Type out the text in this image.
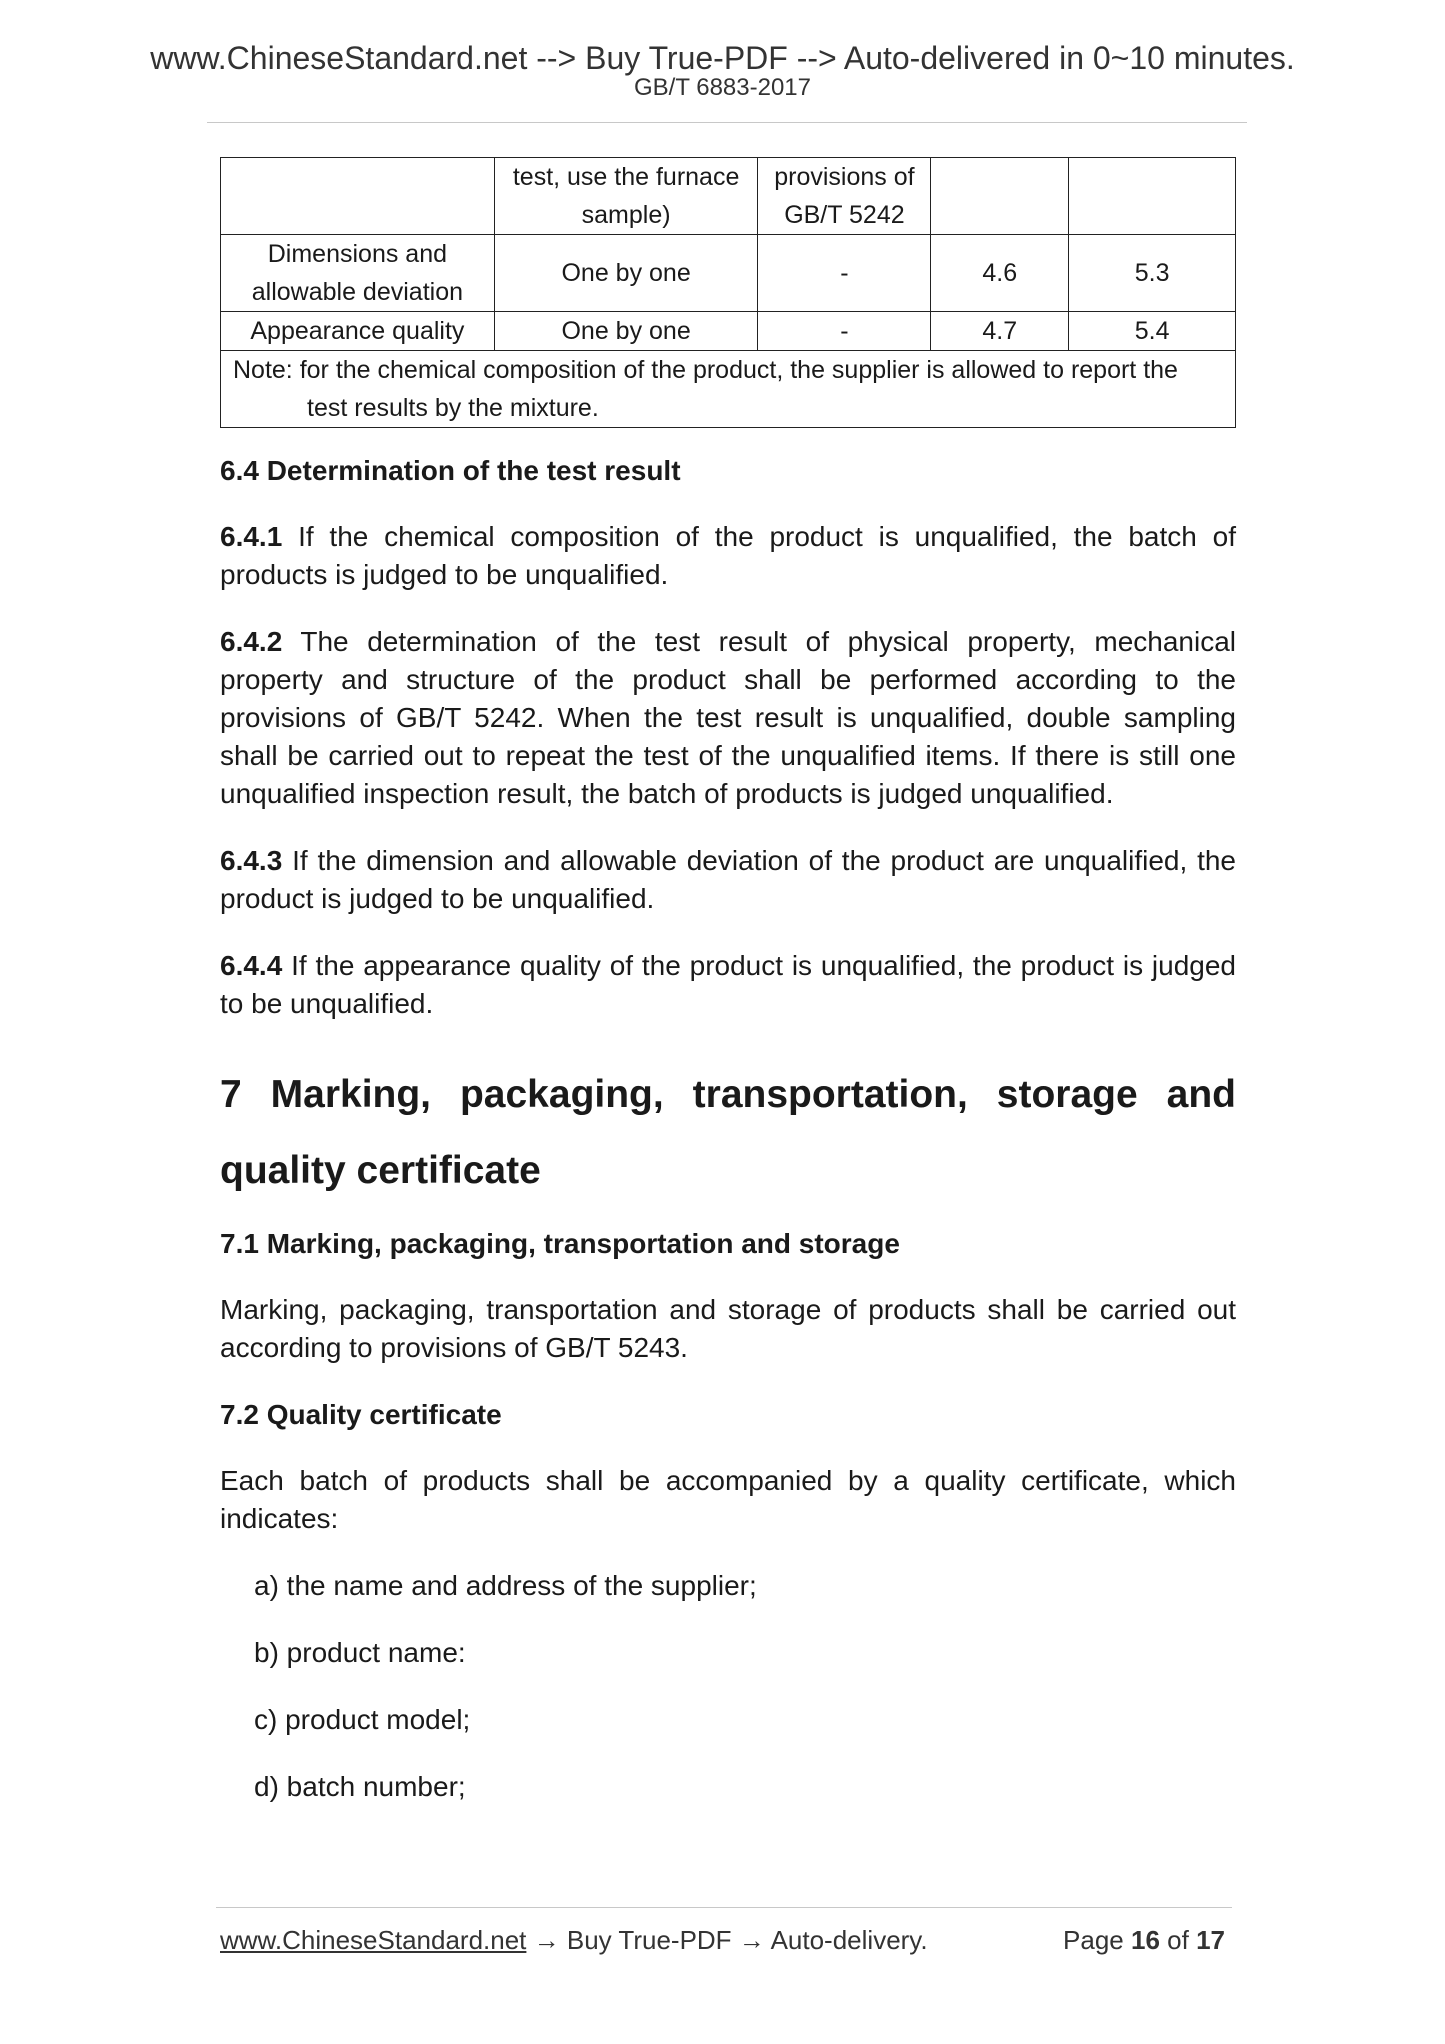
www.ChineseStandard.net --> Buy True-PDF --> Auto-delivered in 0~10 minutes.
GB/T 6883-2017
	test, use the furnace sample)	provisions of GB/T 5242		
Dimensions and allowable deviation	One by one	-	4.6	5.3
Appearance quality	One by one	-	4.7	5.4
Note: for the chemical composition of the product, the supplier is allowed to report the
test results by the mixture.				
6.4 Determination of the test result
6.4.1 If the chemical composition of the product is unqualified, the batch of products is judged to be unqualified.
6.4.2 The determination of the test result of physical property, mechanical property and structure of the product shall be performed according to the provisions of GB/T 5242. When the test result is unqualified, double sampling shall be carried out to repeat the test of the unqualified items. If there is still one unqualified inspection result, the batch of products is judged unqualified.
6.4.3 If the dimension and allowable deviation of the product are unqualified, the product is judged to be unqualified.
6.4.4 If the appearance quality of the product is unqualified, the product is judged to be unqualified.
7 Marking, packaging, transportation, storage and quality certificate
7.1 Marking, packaging, transportation and storage
Marking, packaging, transportation and storage of products shall be carried out according to provisions of GB/T 5243.
7.2 Quality certificate
Each batch of products shall be accompanied by a quality certificate, which indicates:
a) the name and address of the supplier;
b) product name:
c) product model;
d) batch number;
www.ChineseStandard.net → Buy True-PDF → Auto-delivery.	Page 16 of 17
